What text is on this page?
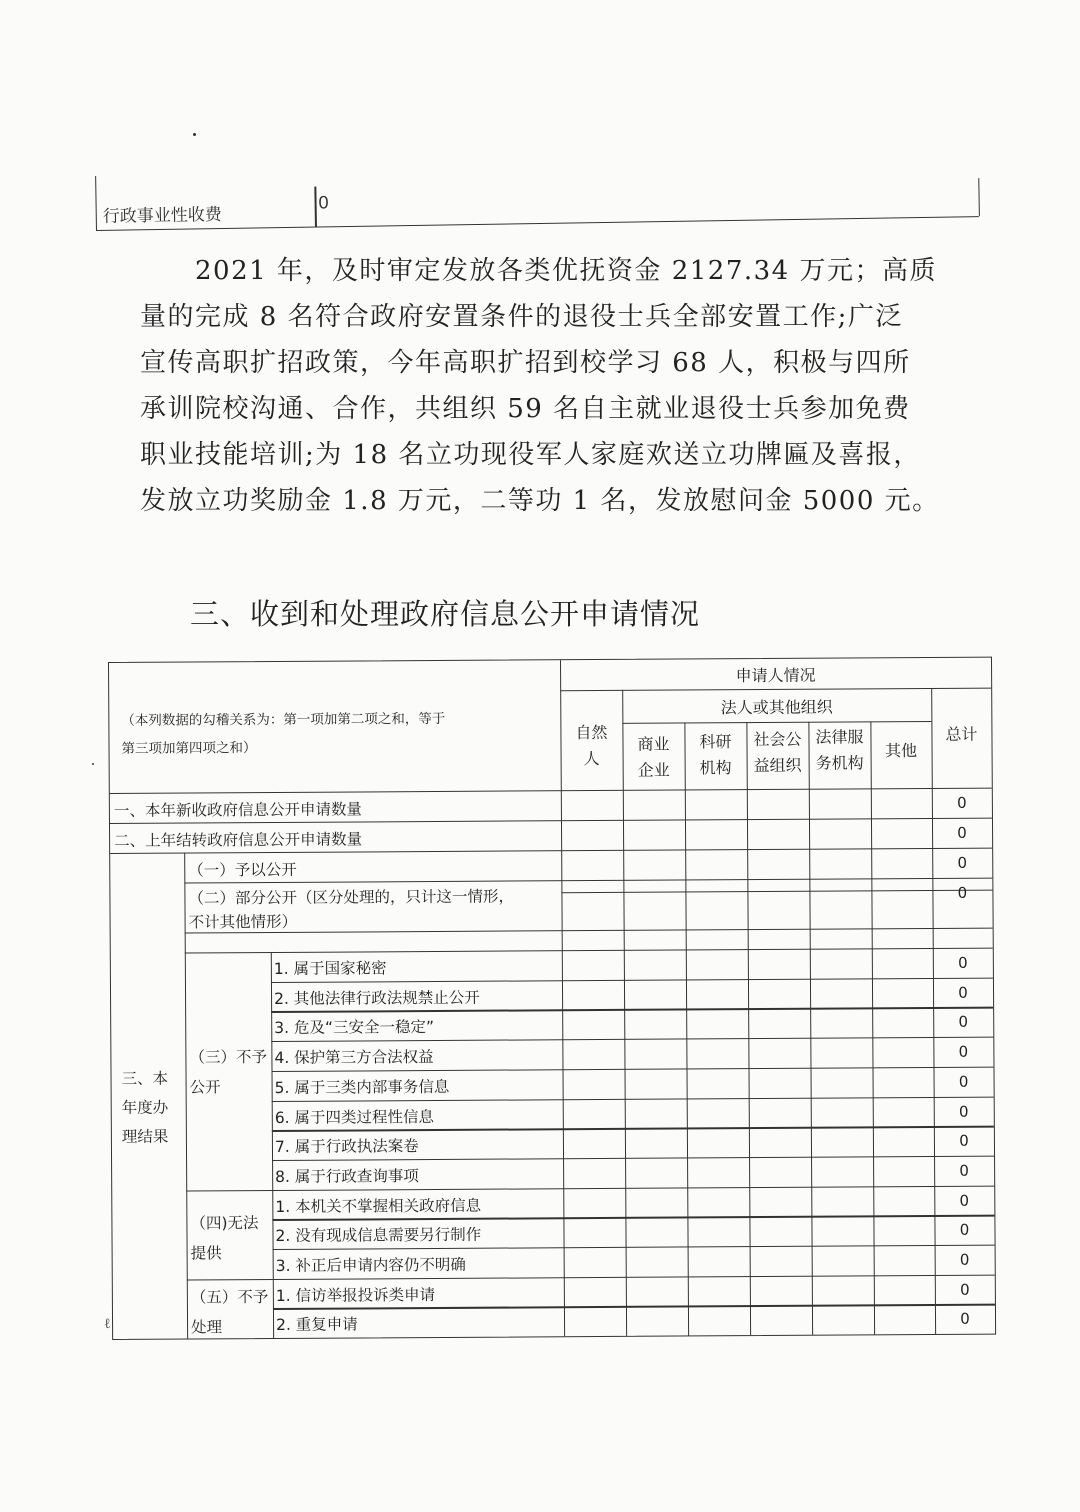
行政事业性收费
0
2021 年，及时审定发放各类优抚资金 2127.34 万元；高质
量的完成 8 名符合政府安置条件的退役士兵全部安置工作;广泛
宣传高职扩招政策，今年高职扩招到校学习 68 人，积极与四所
承训院校沟通、合作，共组织 59 名自主就业退役士兵参加免费
职业技能培训;为 18 名立功现役军人家庭欢送立功牌匾及喜报，
发放立功奖励金 1.8 万元，二等功 1 名，发放慰问金 5000 元。
三、收到和处理政府信息公开申请情况
（本列数据的勾稽关系为：第一项加第二项之和，等于
第三项加第四项之和）
申请人情况
法人或其他组织
自然
人
商业
企业
科研
机构
社会公
益组织
法律服
务机构
其他
总计
一、本年新收政府信息公开申请数量
二、上年结转政府信息公开申请数量
三、本
年度办
理结果
（一）予以公开
（二）部分公开（区分处理的，只计这一情形，
不计其他情形）
（三）不予
公开
（四)无法
提供
（五）不予
处理
1. 属于国家秘密
2. 其他法律行政法规禁止公开
3. 危及“三安全一稳定”
4. 保护第三方合法权益
5. 属于三类内部事务信息
6. 属于四类过程性信息
7. 属于行政执法案卷
8. 属于行政查询事项
1. 本机关不掌握相关政府信息
2. 没有现成信息需要另行制作
3. 补正后申请内容仍不明确
1. 信访举报投诉类申请
2. 重复申请
0
0
0
0
0
0
0
0
0
0
0
0
0
0
0
0
0
ℓ
